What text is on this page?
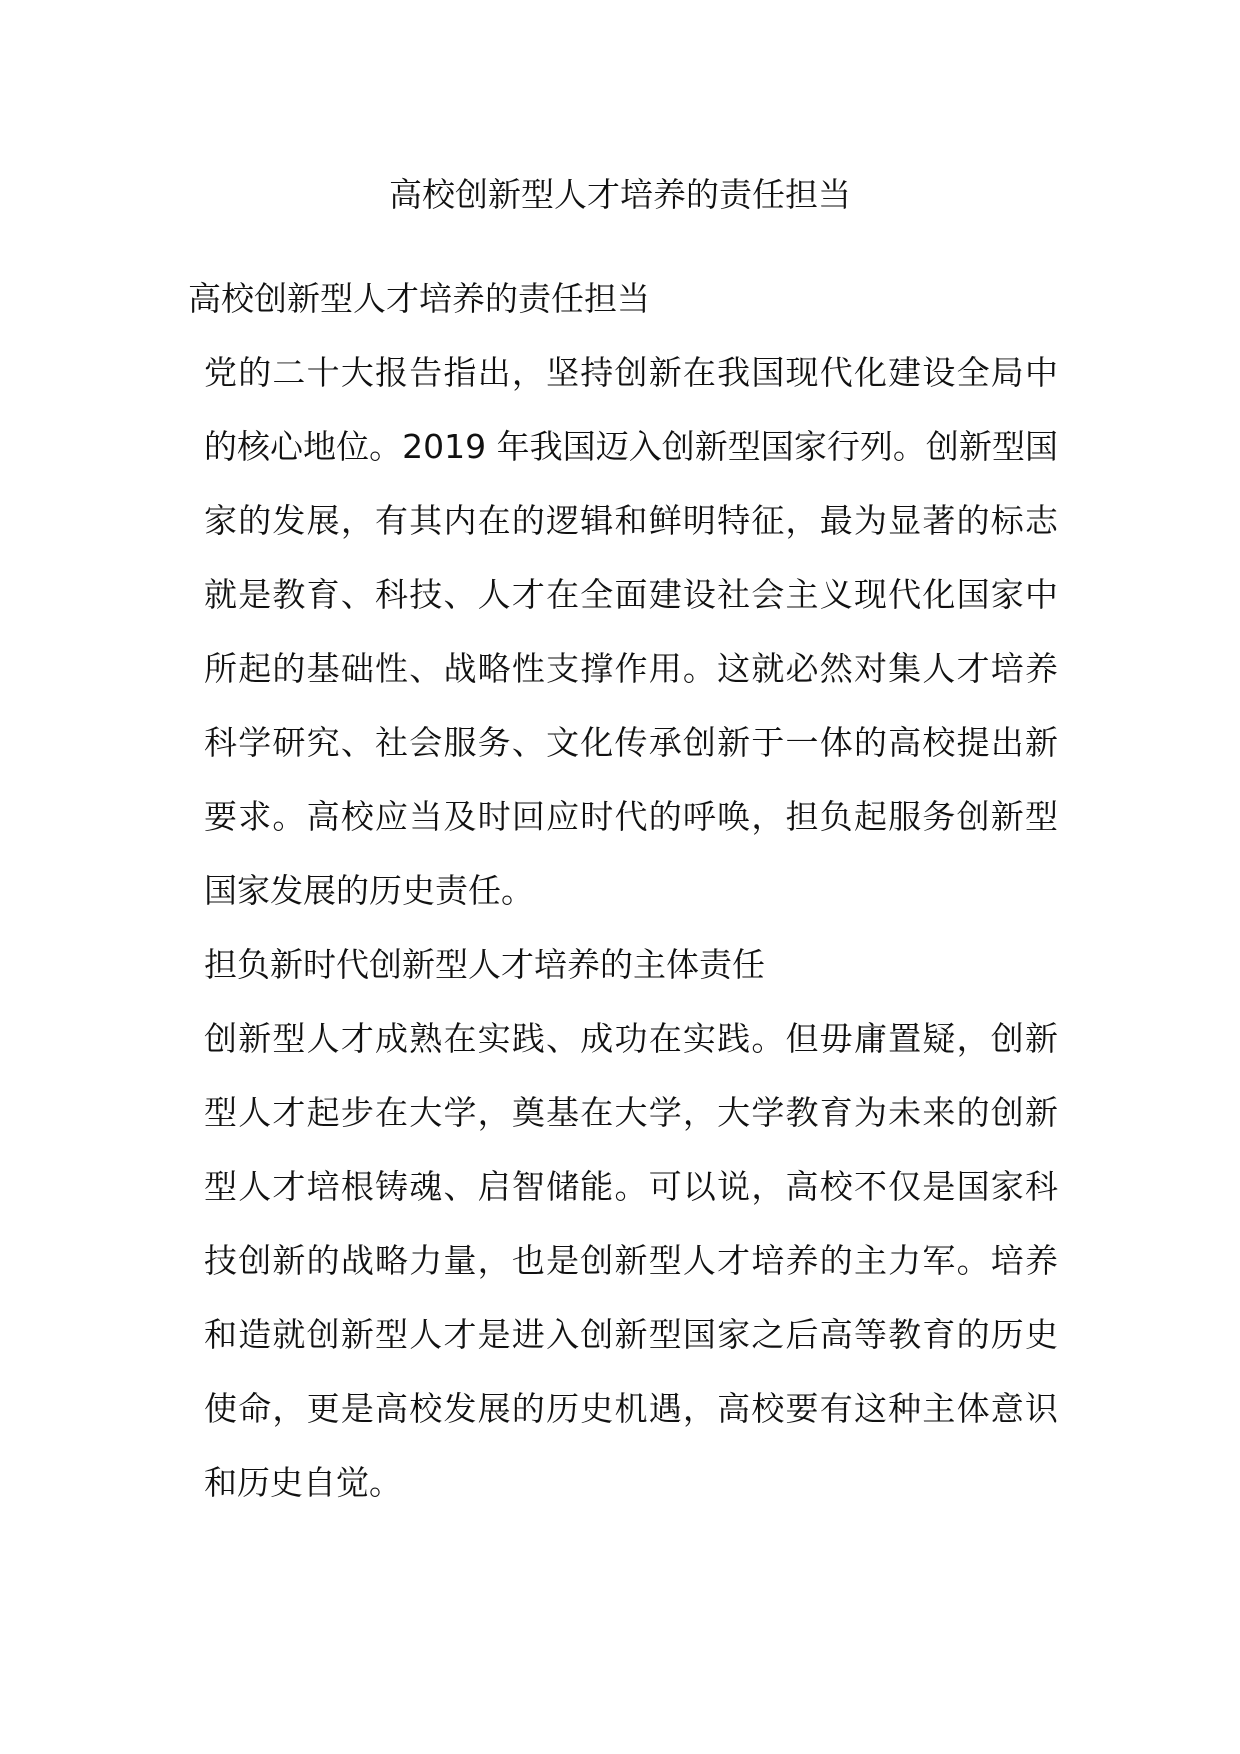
高校创新型人才培养的责任担当

高校创新型人才培养的责任担当

党的二十大报告指出，坚持创新在我国现代化建设全局中的核心地位。2019 年我国迈入创新型国家行列。创新型国家的发展，有其内在的逻辑和鲜明特征，最为显著的标志就是教育、科技、人才在全面建设社会主义现代化国家中所起的基础性、战略性支撑作用。这就必然对集人才培养科学研究、社会服务、文化传承创新于一体的高校提出新要求。高校应当及时回应时代的呼唤，担负起服务创新型国家发展的历史责任。

担负新时代创新型人才培养的主体责任

创新型人才成熟在实践、成功在实践。但毋庸置疑，创新型人才起步在大学，奠基在大学，大学教育为未来的创新型人才培根铸魂、启智储能。可以说，高校不仅是国家科技创新的战略力量，也是创新型人才培养的主力军。培养和造就创新型人才是进入创新型国家之后高等教育的历史使命，更是高校发展的历史机遇，高校要有这种主体意识和历史自觉。
